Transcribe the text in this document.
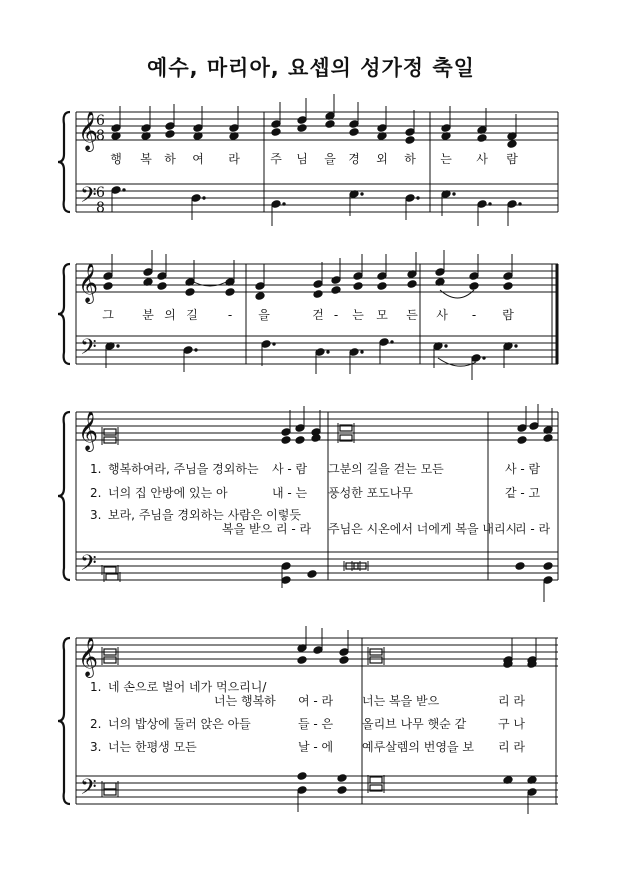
예수, 마리아, 요셉의 성가정 축일
𝄞
𝄢
6
8
6
8
𝄞
𝄢
𝄞
𝄢
𝄞
𝄢
행 복 하 여 라	주 님 을 경 외 하 는 사 람
그 분 의 길	- 을	걷 - 는 모 든 사 - 람
1. 행복하여라, 주님을 경외하는 사 - 람 그분의 길을 걷는 모든	사 - 람
2. 너의 집 안방에 있는 아	내 - 는 풍성한 포도나무	같 - 고
3. 보라, 주님을 경외하는 사람은 이렇듯
복을 받으 리 - 라 주님은 시온에서 너에게 복을 내리시
리 - 라
1. 네 손으로 벌어 네가 먹으리니/
너는 행복하 여 - 라 너는 복을 받으	리 라
2. 너의 밥상에 둘러 앉은 아들	들 - 은 올리브 나무 햇순 같	구 나
3. 너는 한평생 모든	날 - 에 예루살렘의 번영을 보 리 라
